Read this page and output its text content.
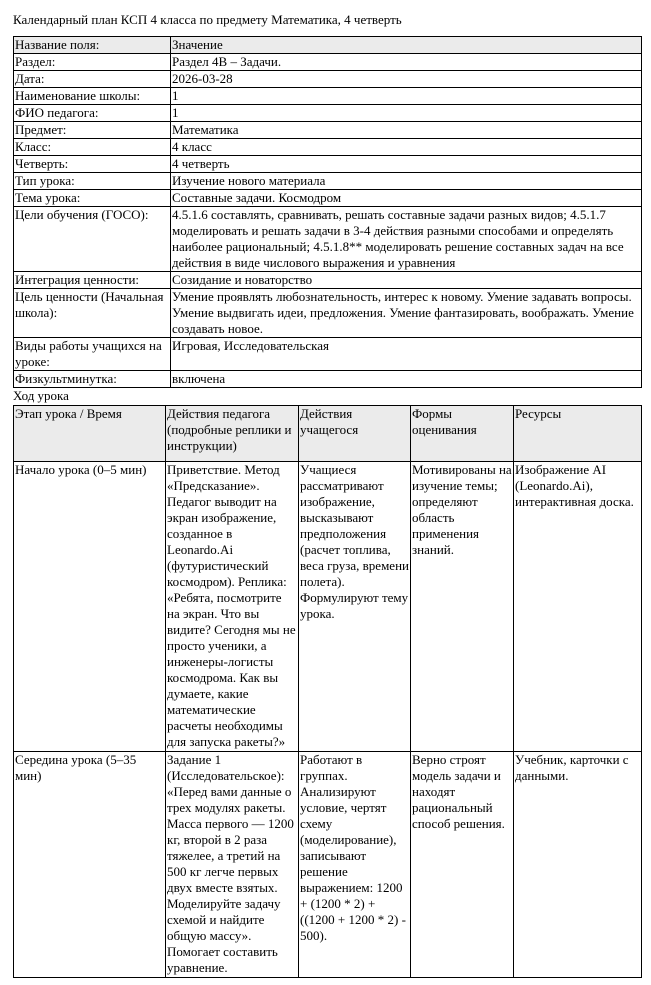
Календарный план КСП 4 класса по предмету Математика, 4 четверть
Название поля:	Значение
Раздел:	Раздел 4В – Задачи.
Дата:	2026-03-28
Наименование школы:	1
ФИО педагога:	1
Предмет:	Математика
Класс:	4 класс
Четверть:	4 четверть
Тип урока:	Изучение нового материала
Тема урока:	Составные задачи. Космодром
Цели обучения (ГОСО):	4.5.1.6 составлять, сравнивать, решать составные задачи разных видов; 4.5.1.7 моделировать и решать задачи в 3-4 действия разными способами и определять наиболее рациональный; 4.5.1.8** моделировать решение составных задач на все действия в виде числового выражения и уравнения
Интеграция ценности:	Созидание и новаторство
Цель ценности (Начальная школа):	Умение проявлять любознательность, интерес к новому. Умение задавать вопросы. Умение выдвигать идеи, предложения. Умение фантазировать, воображать. Умение создавать новое.
Виды работы учащихся на уроке:	Игровая, Исследовательская
Физкультминутка:	включена
Ход урока
Этап урока / Время	Действия педагога (подробные реплики и инструкции)	Действия учащегося	Формы оценивания	Ресурсы
Начало урока (0–5 мин)	Приветствие. Метод «Предсказание». Педагог выводит на экран изображение, созданное в Leonardo.Ai (футуристический космодром). Реплика: «Ребята, посмотрите на экран. Что вы видите? Сегодня мы не просто ученики, а инженеры-логисты космодрома. Как вы думаете, какие математические расчеты необходимы для запуска ракеты?»	Учащиеся рассматривают изображение, высказывают предположения (расчет топлива, веса груза, времени полета). Формулируют тему урока.	Мотивированы на изучение темы; определяют область применения знаний.	Изображение AI (Leonardo.Ai), интерактивная доска.
Середина урока (5–35 мин)	Задание 1 (Исследовательское): «Перед вами данные о трех модулях ракеты. Масса первого — 1200 кг, второй в 2 раза тяжелее, а третий на 500 кг легче первых двух вместе взятых. Моделируйте задачу схемой и найдите общую массу». Помогает составить уравнение.	Работают в группах. Анализируют условие, чертят схему (моделирование), записывают решение выражением: 1200 + (1200 * 2) + ((1200 + 1200 * 2) - 500).	Верно строят модель задачи и находят рациональный способ решения.	Учебник, карточки с данными.
